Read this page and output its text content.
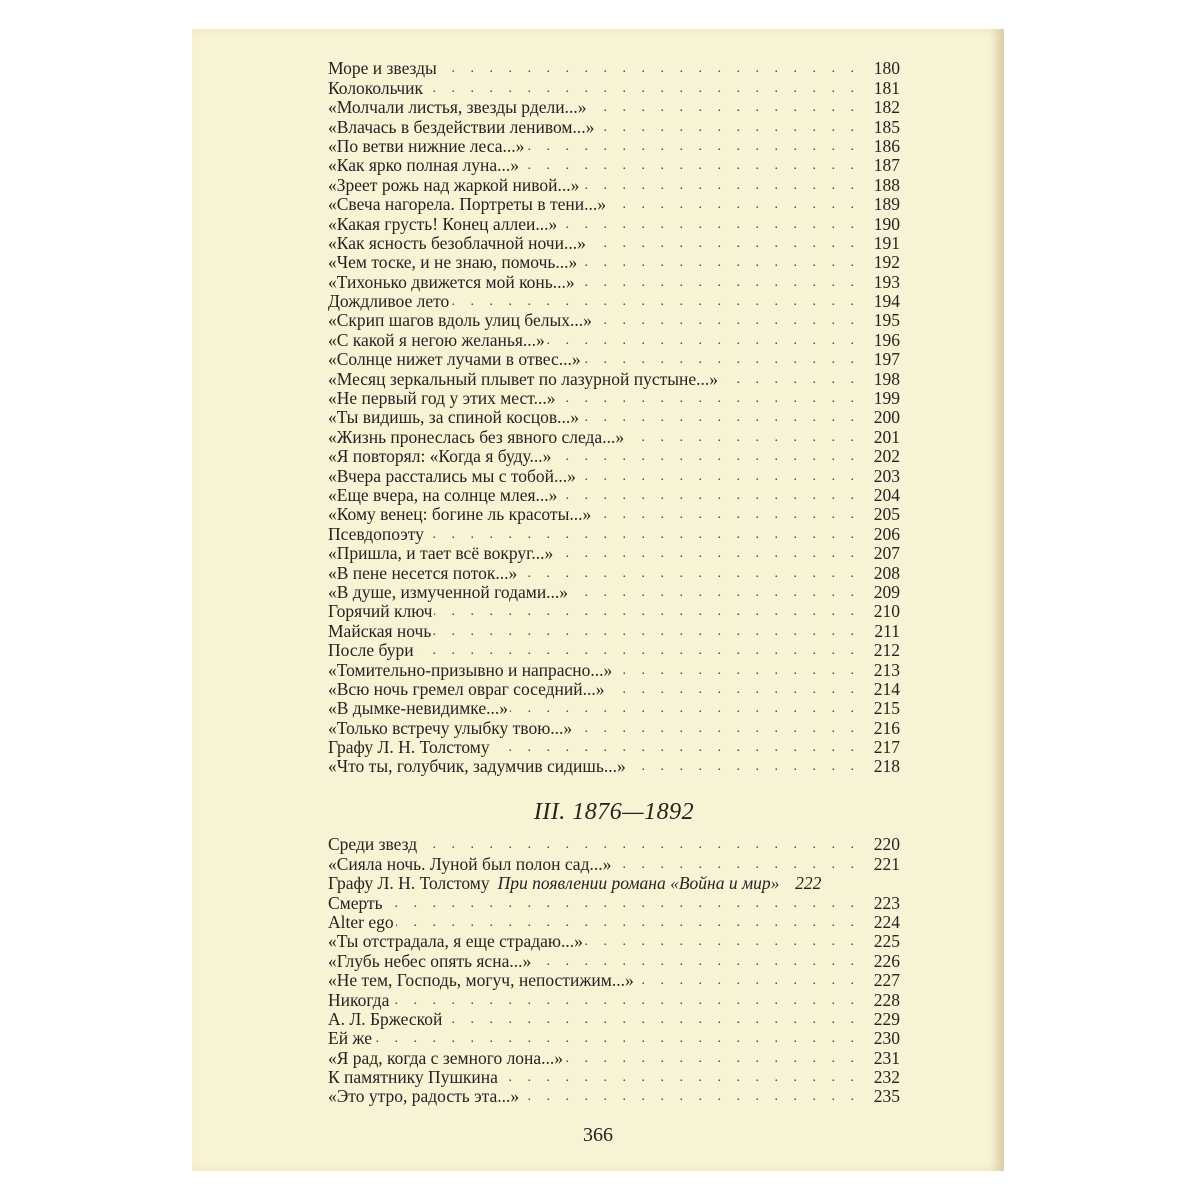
Море и звезды . . .	180
Колокольчик . . .	181
«Молчали листья, звезды рдели...» . . .	182
«Влачась в бездействии ленивом...» . . .	185
«По ветви нижние леса...» . . .	186
«Как ярко полная луна...» . . .	187
«Зреет рожь над жаркой нивой...» . . .	188
«Свеча нагорела. Портреты в тени...» . . .	189
«Какая грусть! Конец аллеи...» . . .	190
«Как ясность безоблачной ночи...» . . .	191
«Чем тоске, и не знаю, помочь...» . . .	192
«Тихонько движется мой конь...» . . .	193
Дождливое лето . . .	194
«Скрип шагов вдоль улиц белых...» . . .	195
«С какой я негою желанья...» . . .	196
«Солнце нижет лучами в отвес...» . . .	197
«Месяц зеркальный плывет по лазурной пустыне...» . . .	198
«Не первый год у этих мест...» . . .	199
«Ты видишь, за спиной косцов...» . . .	200
«Жизнь пронеслась без явного следа...» . . .	201
«Я повторял: «Когда я буду...» . . .	202
«Вчера расстались мы с тобой...» . . .	203
«Еще вчера, на солнце млея...» . . .	204
«Кому венец: богине ль красоты...» . . .	205
Псевдопоэту . . .	206
«Пришла, и тает всё вокруг...» . . .	207
«В пене несется поток...» . . .	208
«В душе, измученной годами...» . . .	209
Горячий ключ . . .	210
Майская ночь . . .	211
После бури . . .	212
«Томительно-призывно и напрасно...» . . .	213
«Всю ночь гремел овраг соседний...» . . .	214
«В дымке-невидимке...» . . .	215
«Только встречу улыбку твою...» . . .	216
Графу Л. Н. Толстому . . .	217
«Что ты, голубчик, задумчив сидишь...» . . .	218
III. 1876—1892
Среди звезд . . .	220
«Сияла ночь. Луной был полон сад...» . . .	221
Графу Л. Н. Толстому При появлении романа «Война и мир» 222
Смерть . . .	223
Alter ego . . .	224
«Ты отстрадала, я еще страдаю...» . . .	225
«Глубь небес опять ясна...» . . .	226
«Не тем, Господь, могуч, непостижим...» . . .	227
Никогда . . .	228
А. Л. Бржеской . . .	229
Ей же . . .	230
«Я рад, когда с земного лона...» . . .	231
К памятнику Пушкина . . .	232
«Это утро, радость эта...» . . .	235
366
